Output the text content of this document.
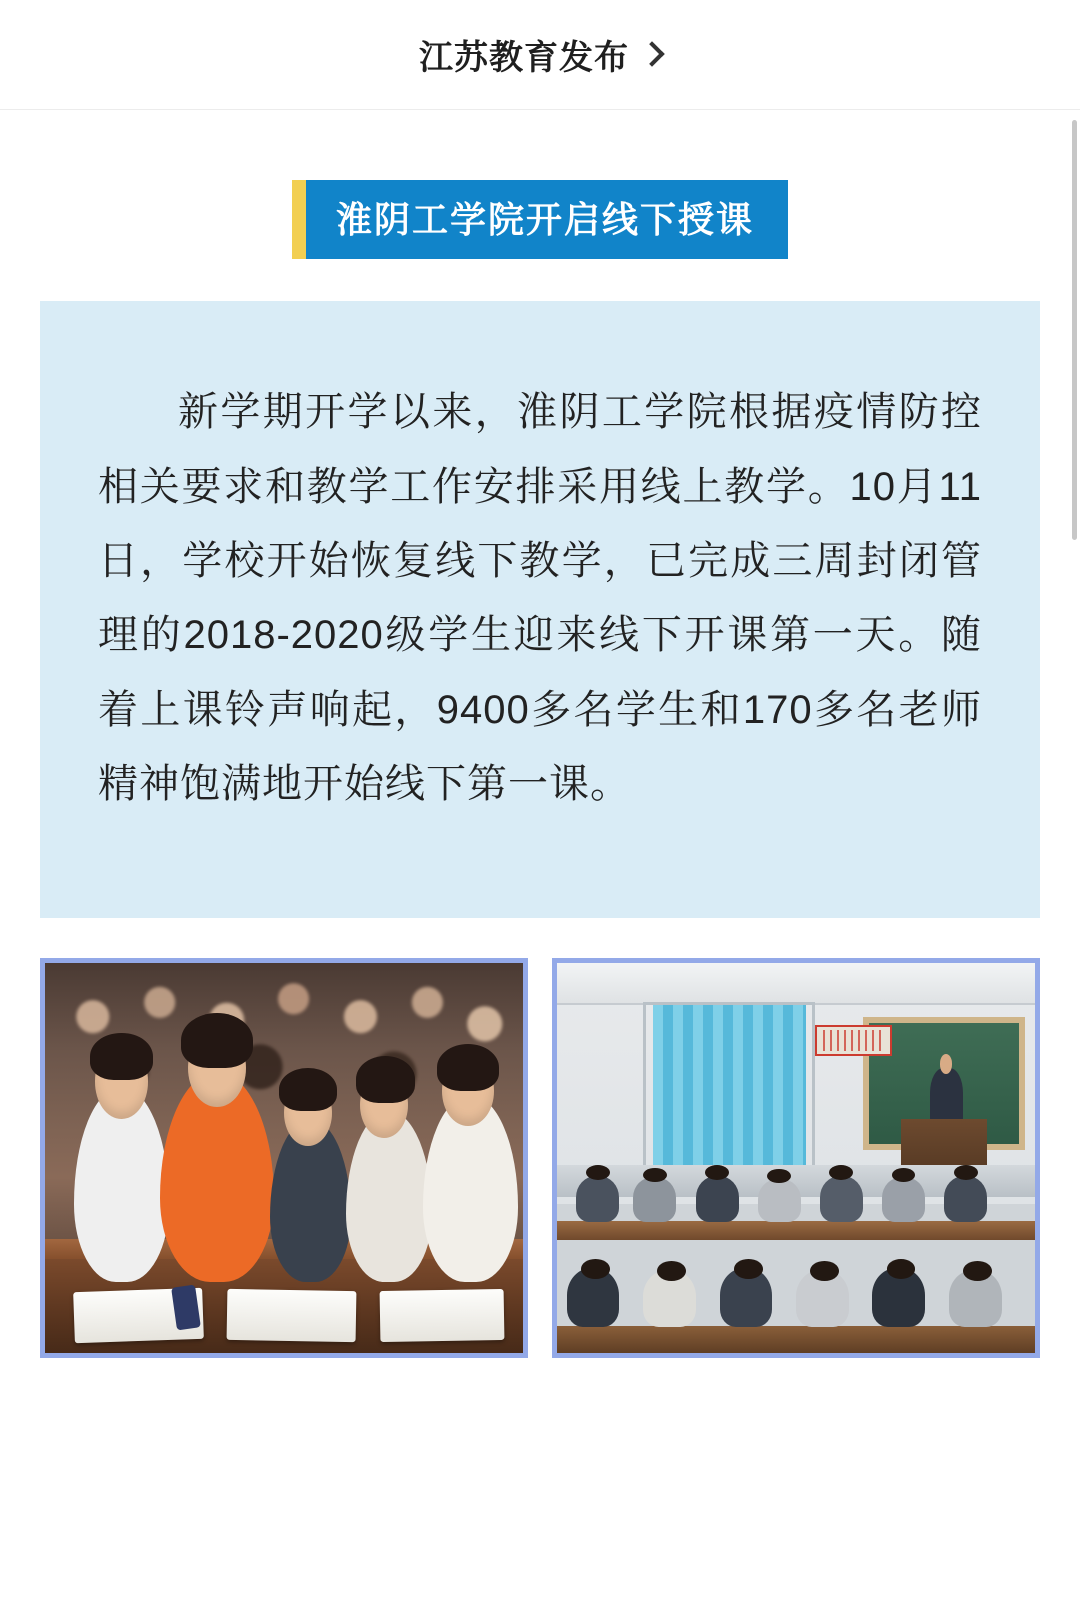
江苏教育发布
淮阴工学院开启线下授课

新学期开学以来，淮阴工学院根据疫情防控相关要求和教学工作安排采用线上教学。10月11日，学校开始恢复线下教学，已完成三周封闭管理的2018-2020级学生迎来线下开课第一天。随着上课铃声响起，9400多名学生和170多名老师精神饱满地开始线下第一课。
